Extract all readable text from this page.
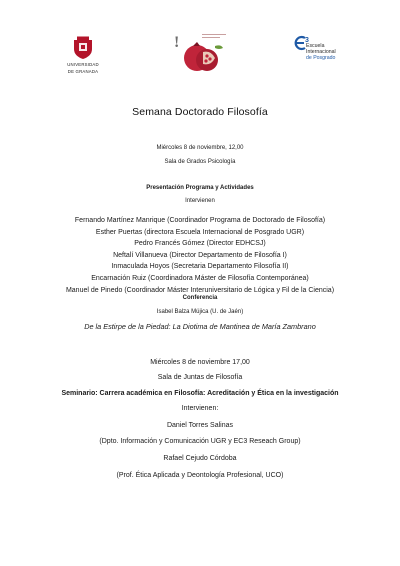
UNIVERSIDAD
DE GRANADA
!	3
Escuela
Internacional
de Posgrado
Semana Doctorado Filosofía
Miércoles 8 de noviembre, 12,00
Sala de Grados Psicología
Presentación Programa y Actividades
Intervienen
Fernando Martínez Manrique (Coordinador Programa de Doctorado de Filosofía)
Esther Puertas (directora Escuela Internacional de Posgrado UGR)
Pedro Francés Gómez (Director EDHCSJ)
Neftalí Villanueva (Director Departamento de Filosofía I)
Inmaculada Hoyos (Secretaria Departamento Filosofía II)
Encarnación Ruiz (Coordinadora Máster de Filosofía Contemporánea)
Manuel de Pinedo (Coordinador Máster Interuniversitario de Lógica y Fil de la Ciencia)
Conferencia
Isabel Balza Mújica (U. de Jaén)
De la Estirpe de la Piedad: La Diotima de Mantinea de María Zambrano
Miércoles 8 de noviembre 17,00
Sala de Juntas de Filosofía
Seminario: Carrera académica en Filosofía: Acreditación y Ética en la investigación
Intervienen:
Daniel Torres Salinas
(Dpto. Información y Comunicación UGR y EC3 Reseach Group)
Rafael Cejudo Córdoba
(Prof. Ética Aplicada y Deontología Profesional, UCO)
